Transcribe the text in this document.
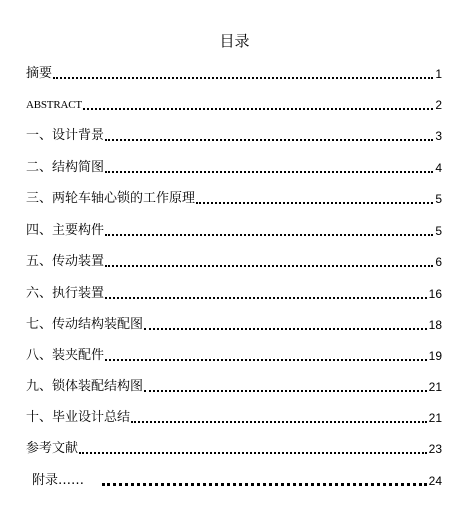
目录
摘要	1
ABSTRACT	2
一、设计背景	3
二、结构简图	4
三、两轮车轴心锁的工作原理	5
四、主要构件	5
五、传动装置	6
六、执行装置	16
七、传动结构装配图	18
八、装夹配件	19
九、锁体装配结构图	21
十、毕业设计总结	21
参考文献	23
附录……	24
